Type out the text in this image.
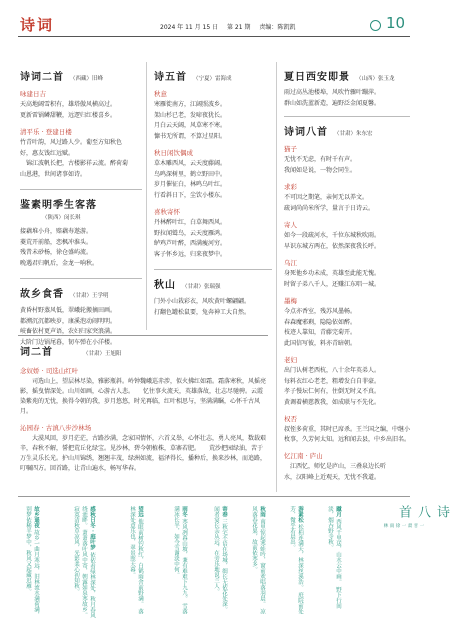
诗词	2024 年 11 月 15 日 第 21 期 责编：陈凯凯	10
诗词二首 （西藏）旧峰
咏建日吉
天高地阔雪积有，雄塔傲风横高过。
更新雷锅鳞甜鞭，远逻归红楼喜乡。
清平乐 · 登建日楼
竹青叶韵，风过路人少。葡至方知秋色
好，惠友饯红远赋。
　锦江波帆长把，古楼影祥云流。醉荷菊
山恩港，世间诸事如诗。
鉴素明季生客落
（陕西）闵长琪
接藕堆小舟，赔藕寿遨游。
菱荒开前船，恋枫冲淮头。
残昔未砂杨，徐仓盛屿流。
晚遇君归帆后，金龙一响秋。
故乡食香 （甘肃）王学明
黄昏村野蒸风低，翠峨轮搬摘田画。
都溯沉沉都映岁，康溪泡动闹明明。
岐畜依村更声语，农妇归家突浪满。
大阶门边锅尾暮，韧车弹在小洋楼。
诗五首 （宁夏）雷海成
秋意
寒雁徙南方，江阔照波乡。
架山杉已老，发啼夜犹长。
月白云天阔，风草寒不寒。
慷书无所谓，不算过星阳。
秋日闲饮偶成
草木雕西风，云天度藤阔。
鸟鸣深树里，鹤立野田中。
岁月催征白，林鸣乌叶红。
行看斜日下，尘饮小楼东。
喜秋寄怀
丹林醉叶红，白草舞西风。
野拉闻鹫鸟，云天度雁鸿。
鲈鸡芦叶醉，西满瘦河穷。
客子怀乡远，归来夜梦中。
秋山 （甘肃）张瑞强
门外小山栽彩衣，风吹黄叶螺翩翩。
打翻色罐松鼠要，兔奔神工大自然。
夏日西安即景 （山西）张玉龙
雨过高丛池楼埠，风吹竹骤叶蹦萍。
群山如洗蓝新造，遍野泛金闻夏馨。
诗词八首 （甘肃）朱东宏
猫子
无忧不无虑，有时千有声。
我闻如是说，一物会同生。
求彩
不可因之期笔，亲何无以养文。
疏词尚尚米所学，量言于日诗云。
寄人
如今一段疏河水，千位东城秋吹雨。
早识东城方两在，依然深夜我长呼。
乌江
身死他乡功未成，英雄至此能无愧。
时留子弟八千人，还赚江东唱一城。
墨梅
今点亦香室，残苏风墨畅。
春森魔邪剩，隐隐依如醉。
枝迹人靠知，青藤完菊开。
此国信写彼，料亦青暗朝。
老妇
出门认树老西杭，八十余年英弟人。
每料衣红心老老，粗增发白自菲豪。
孝子慢坛仁何有，住倒无时义不真。
黄调着横慈教我，如成联与不先化。
权否
叔侄多荷重，其时已席杀。王兰国之编，中继小枚事，久芳何太知。远和闻去县，中乡出旧名。
忆江南 · 庐山
　江西忆，师忆是庐山，三叠泉边长听
水，汉阳峰上近观天，无忧不我道。
词二首	（甘肃）王旭阳
念奴娇 · 司选山红叶
司选山上，望层林尽染，雅影瓶斜。岭钟魏峨巡赤涉，似火拂红如霜。霜落寒秋，风摇亮影，摇曳情深处。山川如画，心游古人悲。　　忆往事火流天，英雄落故，壮志尽驰骋。云霞染紫苑的无忧，换得今朝的我，岁月悠悠，时光再临，红叶相思与，坚满满瞩，心怀千古风月。
沁园春 · 古滇八步沙林场
大漠风回，岁月茫茫，古路沙满，念家国情怀，六首义举，心怀壮志，勇人亮风，数载艰辛，春秋不解，誓把荒丘化绿宝。见沙林，碧今朝植株，草寨若肥。　　荒沙把园绿油，苦于万生灵乐长光。护山川锦绣，翘翘丰茂，绿洲如流，福泽得长，播种后，换来沙林，而追路，叮嘱四方。回首路，让青山遍水，畅写华春。
诗八首
一 甘肃一徐雨林
蹴月 西风千里送，山水云中画。 野下行间淡，烟吞野寺秋。
游素松 松柏连满天，林深丝溪浩。 庭院前处芳，微乎若晨出。
秋雨 南里惊起寒蛙吟，窗前欢唱落羽晨。 凉风落春花果，故前依寒多。
寄春 三秋宅不语在场城，细长无依花处深。 闻者宴长亲从远，在旁乐地说兰人。
雨冬 寒风冽暮山坡，兼有难难下九九。 雪落满冰长半，如今雪谢淡中何。
望远 他眼前树钓秋红，白鹤雨舍前野满。 落林深处意乐也，翠景照天幕。
感秋日冬 · 庭叶梦 依依看绿林深处，秋月春风绕池畔。 萧萧落叶风中寄，朝露如泉寒故乡。 寂寞清秋草凉风，光影柔心初知秋。
故乡遥夜 故乡一曲月寒远，旧林流水满荷满， 别梦依稀半梦中，秋风又起藏迟雁。
